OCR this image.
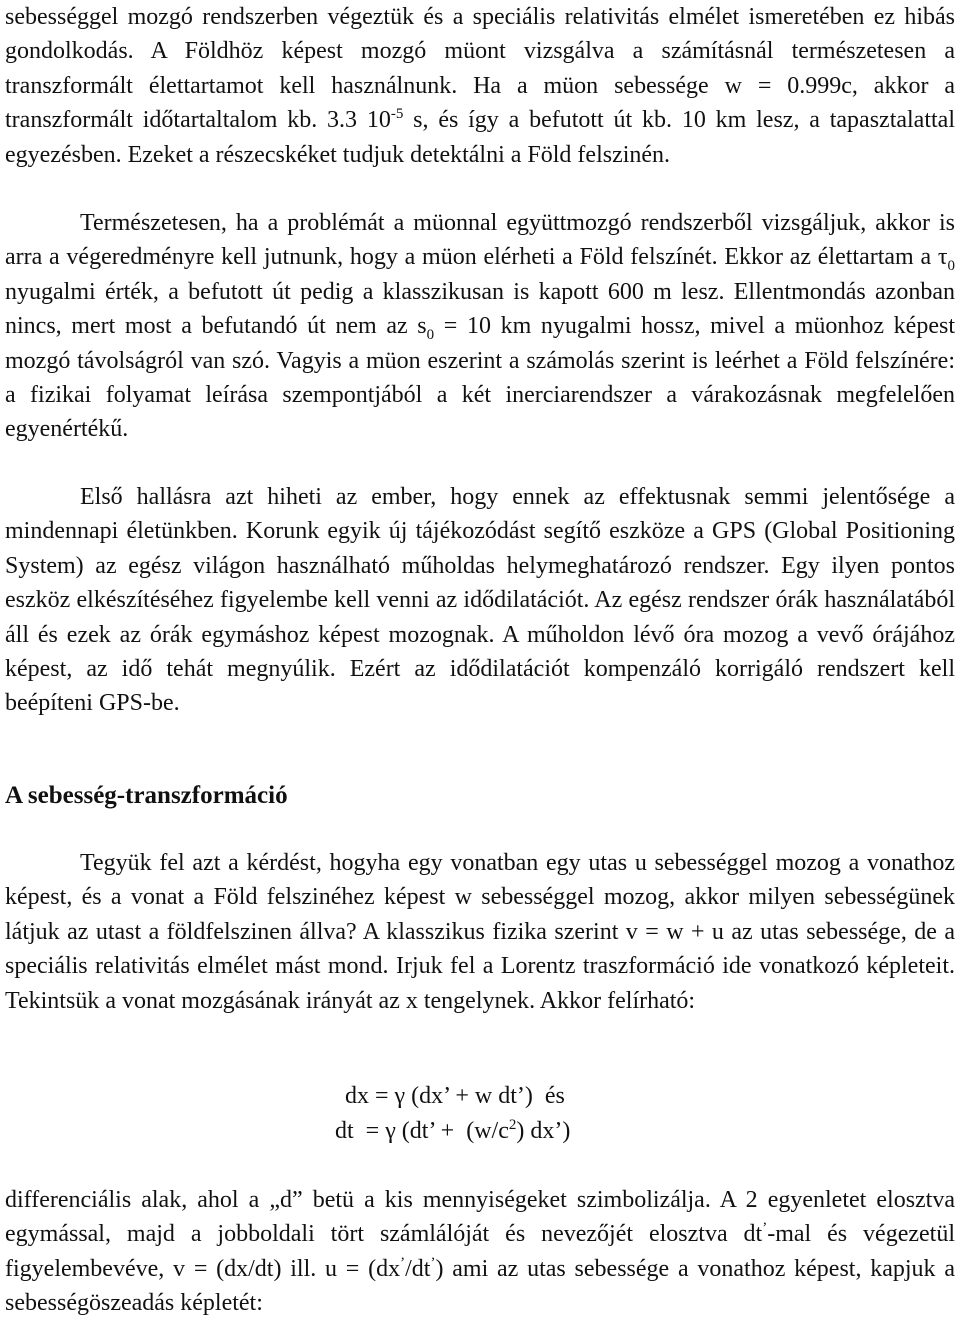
sebességgel mozgó rendszerben végeztük és a speciális relativitás elmélet ismeretében ez hibás gondolkodás. A Földhöz képest mozgó müont vizsgálva a számításnál természetesen a transzformált élettartamot kell használnunk. Ha a müon sebessége w = 0.999c, akkor a transzformált időtartaltalom kb. 3.3 $10^{-5}$ s, és így a befutott út kb. 10 km lesz, a tapasztalattal egyezésben. Ezeket a részecskéket tudjuk detektálni a Föld felszinén.

Természetesen, ha a problémát a müonnal együttmozgó rendszerből vizsgáljuk, akkor is arra a végeredményre kell jutnunk, hogy a müon elérheti a Föld felszínét. Ekkor az élettartam a $\tau_0$ nyugalmi érték, a befutott út pedig a klasszikusan is kapott 600 m lesz. Ellentmondás azonban nincs, mert most a befutandó út nem az $s_0 = 10$ km nyugalmi hossz, mivel a müonhoz képest mozgó távolságról van szó. Vagyis a müon eszerint a számolás szerint is leérhet a Föld felszínére: a fizikai folyamat leírása szempontjából a két inerciarendszer a várakozásnak megfelelően egyenértékű.

Első hallásra azt hiheti az ember, hogy ennek az effektusnak semmi jelentősége a mindennapi életünkben. Korunk egyik új tájékozódást segítő eszköze a GPS (Global Positioning System) az egész világon használható műholdas helymeghatározó rendszer. Egy ilyen pontos eszköz elkészítéséhez figyelembe kell venni az idődilatációt. Az egész rendszer órák használatából áll és ezek az órák egymáshoz képest mozognak. A műholdon lévő óra mozog a vevő órájához képest, az idő tehát megnyúlik. Ezért az idődilatációt kompenzáló korrigáló rendszert kell beépíteni GPS-be.

A sebesség-transzformáció

Tegyük fel azt a kérdést, hogyha egy vonatban egy utas u sebességgel mozog a vonathoz képest, és a vonat a Föld felszinéhez képest w sebességgel mozog, akkor milyen sebességünek látjuk az utast a földfelszinen állva? A klasszikus fizika szerint v = w + u az utas sebessége, de a speciális relativitás elmélet mást mond. Irjuk fel a Lorentz traszformáció ide vonatkozó képleteit. Tekintsük a vonat mozgásának irányát az x tengelynek. Akkor felírható:

dx = γ (dx’ + w dt’)  és
dt  = γ (dt’ +  $(w/c^2)$ dx’)

differenciális alak, ahol a „d” betü a kis mennyiségeket szimbolizálja. A 2 egyenletet elosztva egymással, majd a jobboldali tört számlálóját és nevezőjét elosztva dt’-mal és végezetül figyelembevéve, v = (dx/dt) ill. u = (dx’/dt’) ami az utas sebessége a vonathoz képest, kapjuk a sebességöszeadás képletét:
